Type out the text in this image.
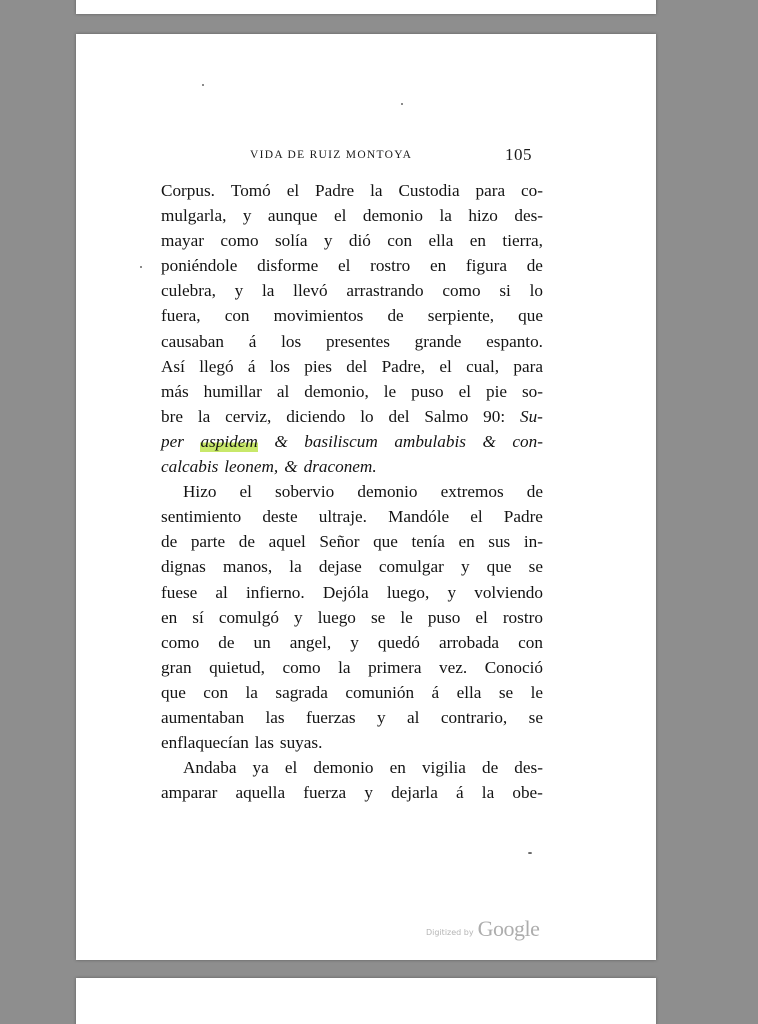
VIDA DE RUIZ MONTOYA	105
Corpus. Tomó el Padre la Custodia para co-
mulgarla, y aunque el demonio la hizo des-
mayar como solía y dió con ella en tierra,
poniéndole disforme el rostro en figura de
culebra, y la llevó arrastrando como si lo
fuera, con movimientos de serpiente, que
causaban á los presentes grande espanto.
Así llegó á los pies del Padre, el cual, para
más humillar al demonio, le puso el pie so-
bre la cerviz, diciendo lo del Salmo 90: Su-
per aspidem & basiliscum ambulabis & con-
calcabis leonem, & draconem.
Hizo el sobervio demonio extremos de
sentimiento deste ultraje. Mandóle el Padre
de parte de aquel Señor que tenía en sus in-
dignas manos, la dejase comulgar y que se
fuese al infierno. Dejóla luego, y volviendo
en sí comulgó y luego se le puso el rostro
como de un angel, y quedó arrobada con
gran quietud, como la primera vez. Conoció
que con la sagrada comunión á ella se le
aumentaban las fuerzas y al contrario, se
enflaquecían las suyas.
Andaba ya el demonio en vigilia de des-
amparar aquella fuerza y dejarla á la obe-
Digitized by Google
